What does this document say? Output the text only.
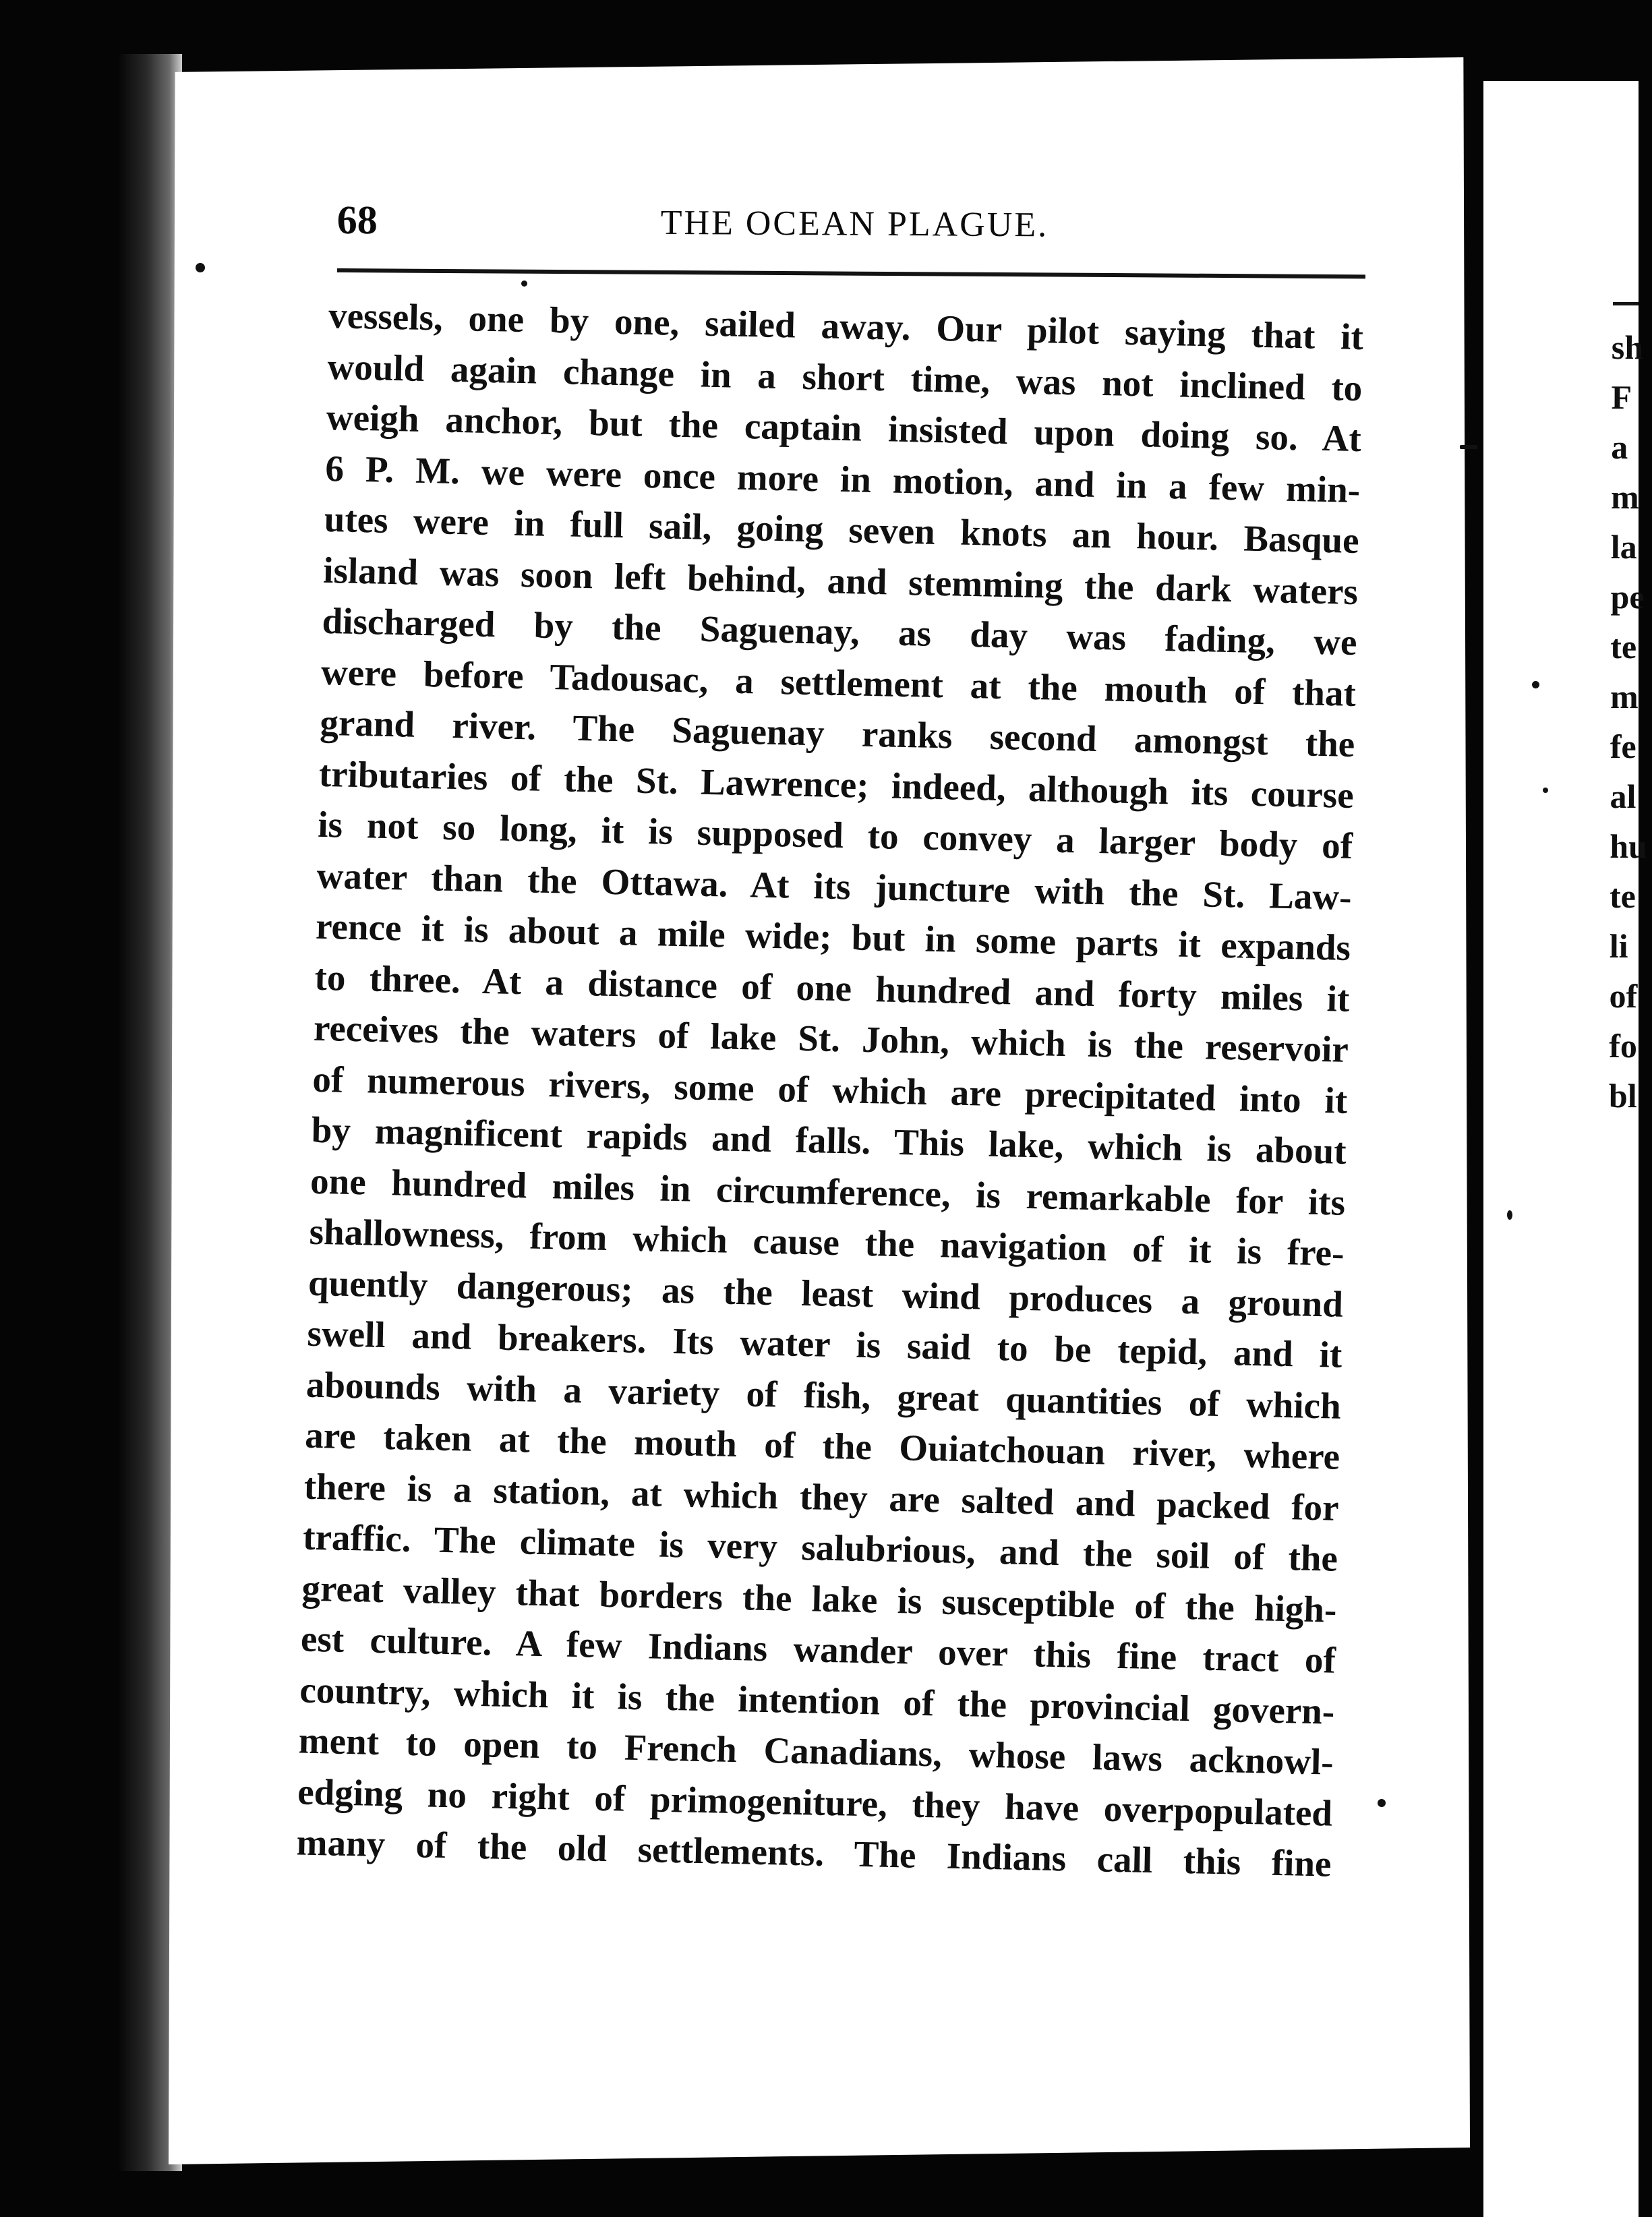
68	THE OCEAN PLAGUE.
vessels, one by one, sailed away. Our pilot saying that it
would again change in a short time, was not inclined to
weigh anchor, but the captain insisted upon doing so. At
6 P. M. we were once more in motion, and in a few min-
utes were in full sail, going seven knots an hour. Basque
island was soon left behind, and stemming the dark waters
discharged by the Saguenay, as day was fading, we
were before Tadousac, a settlement at the mouth of that
grand river. The Saguenay ranks second amongst the
tributaries of the St. Lawrence; indeed, although its course
is not so long, it is supposed to convey a larger body of
water than the Ottawa. At its juncture with the St. Law-
rence it is about a mile wide; but in some parts it expands
to three. At a distance of one hundred and forty miles it
receives the waters of lake St. John, which is the reservoir
of numerous rivers, some of which are precipitated into it
by magnificent rapids and falls. This lake, which is about
one hundred miles in circumference, is remarkable for its
shallowness, from which cause the navigation of it is fre-
quently dangerous; as the least wind produces a ground
swell and breakers. Its water is said to be tepid, and it
abounds with a variety of fish, great quantities of which
are taken at the mouth of the Ouiatchouan river, where
there is a station, at which they are salted and packed for
traffic. The climate is very salubrious, and the soil of the
great valley that borders the lake is susceptible of the high-
est culture. A few Indians wander over this fine tract of
country, which it is the intention of the provincial govern-
ment to open to French Canadians, whose laws acknowl-
edging no right of primogeniture, they have overpopulated
many of the old settlements. The Indians call this fine
sh
F
a
m
la
pe
te
m
fe
al
hu
te
li
of
fo
bl
